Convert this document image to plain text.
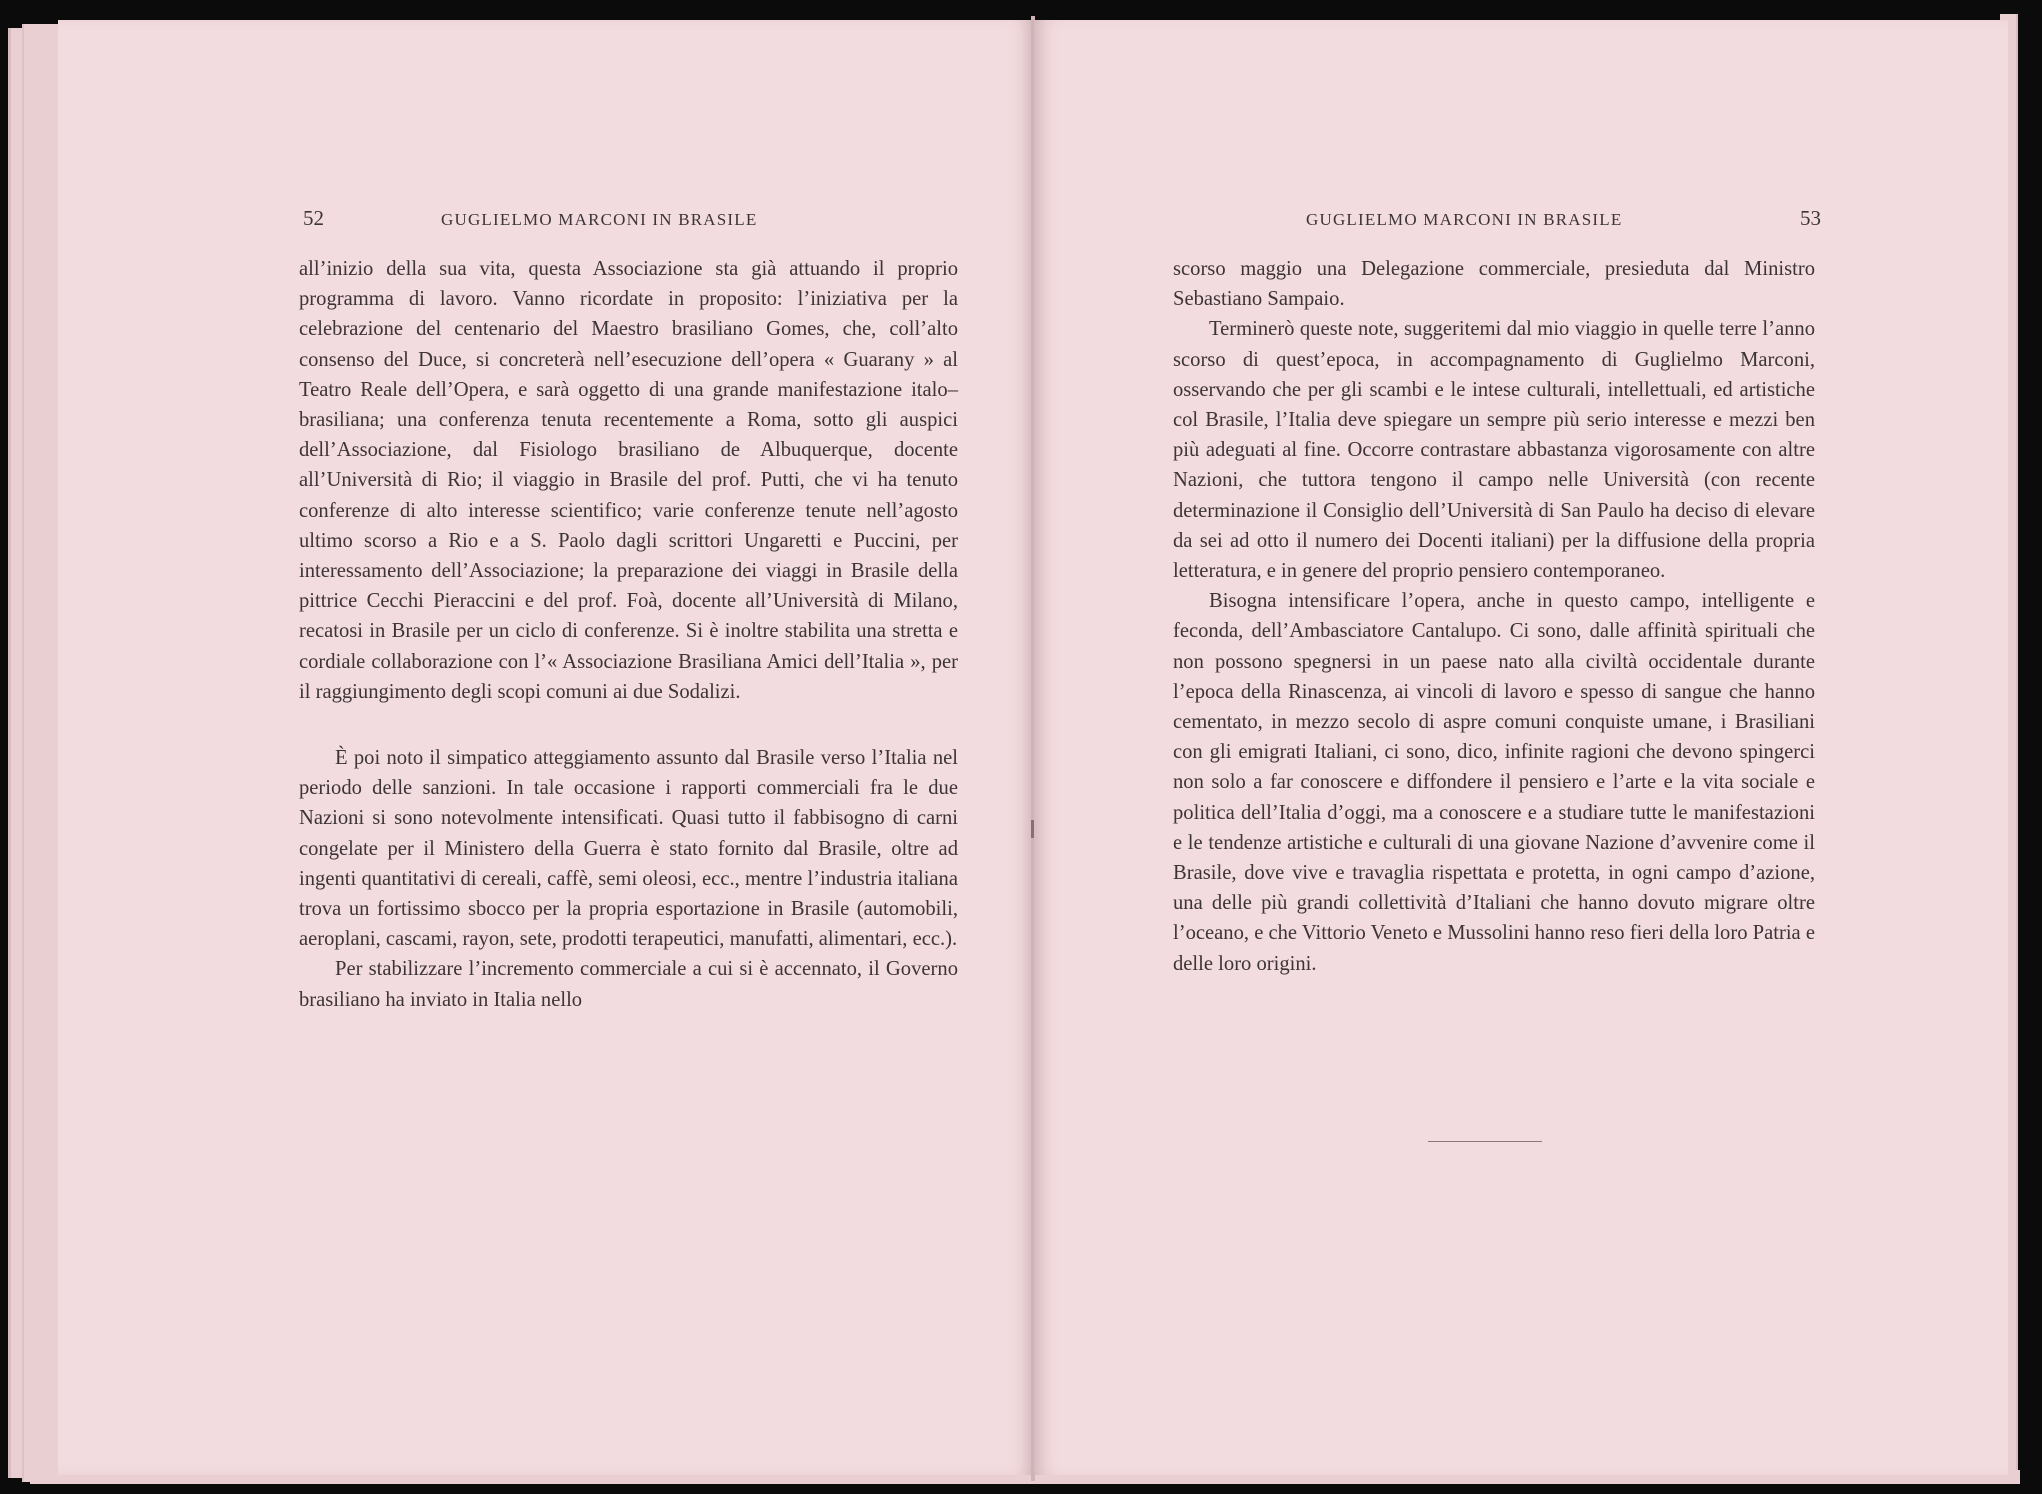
52	GUGLIELMO MARCONI IN BRASILE

all’inizio della sua vita, questa Associazione sta già attuando il proprio programma di lavoro. Vanno ricordate in proposito: l’iniziativa per la celebrazione del centenario del Maestro brasiliano Gomes, che, coll’alto consenso del Duce, si concreterà nell’esecuzione dell’opera « Guarany » al Teatro Reale dell’Opera, e sarà oggetto di una grande manifestazione italo–brasiliana; una conferenza tenuta recentemente a Roma, sotto gli auspici dell’Associazione, dal Fisiologo brasiliano de Albuquerque, docente all’Università di Rio; il viaggio in Brasile del prof. Putti, che vi ha tenuto conferenze di alto interesse scientifico; varie conferenze tenute nell’agosto ultimo scorso a Rio e a S. Paolo dagli scrittori Ungaretti e Puccini, per interessamento dell’Associazione; la preparazione dei viaggi in Brasile della pittrice Cecchi Pieraccini e del prof. Foà, docente all’Università di Milano, recatosi in Brasile per un ciclo di conferenze. Si è inoltre stabilita una stretta e cordiale collaborazione con l’« Associazione Brasiliana Amici dell’Italia », per il raggiungimento degli scopi comuni ai due Sodalizi.

È poi noto il simpatico atteggiamento assunto dal Brasile verso l’Italia nel periodo delle sanzioni. In tale occasione i rapporti commerciali fra le due Nazioni si sono notevolmente intensificati. Quasi tutto il fabbisogno di carni congelate per il Ministero della Guerra è stato fornito dal Brasile, oltre ad ingenti quantitativi di cereali, caffè, semi oleosi, ecc., mentre l’industria italiana trova un fortissimo sbocco per la propria esportazione in Brasile (automobili, aeroplani, cascami, rayon, sete, prodotti terapeutici, manufatti, alimentari, ecc.).

Per stabilizzare l’incremento commerciale a cui si è accennato, il Governo brasiliano ha inviato in Italia nello

GUGLIELMO MARCONI IN BRASILE	53

scorso maggio una Delegazione commerciale, presieduta dal Ministro Sebastiano Sampaio.

Terminerò queste note, suggeritemi dal mio viaggio in quelle terre l’anno scorso di quest’epoca, in accompagnamento di Guglielmo Marconi, osservando che per gli scambi e le intese culturali, intellettuali, ed artistiche col Brasile, l’Italia deve spiegare un sempre più serio interesse e mezzi ben più adeguati al fine. Occorre contrastare abbastanza vigorosamente con altre Nazioni, che tuttora tengono il campo nelle Università (con recente determinazione il Consiglio dell’Università di San Paulo ha deciso di elevare da sei ad otto il numero dei Docenti italiani) per la diffusione della propria letteratura, e in genere del proprio pensiero contemporaneo.

Bisogna intensificare l’opera, anche in questo campo, intelligente e feconda, dell’Ambasciatore Cantalupo. Ci sono, dalle affinità spirituali che non possono spegnersi in un paese nato alla civiltà occidentale durante l’epoca della Rinascenza, ai vincoli di lavoro e spesso di sangue che hanno cementato, in mezzo secolo di aspre comuni conquiste umane, i Brasiliani con gli emigrati Italiani, ci sono, dico, infinite ragioni che devono spingerci non solo a far conoscere e diffondere il pensiero e l’arte e la vita sociale e politica dell’Italia d’oggi, ma a conoscere e a studiare tutte le manifestazioni e le tendenze artistiche e culturali di una giovane Nazione d’avvenire come il Brasile, dove vive e travaglia rispettata e protetta, in ogni campo d’azione, una delle più grandi collettività d’Italiani che hanno dovuto migrare oltre l’oceano, e che Vittorio Veneto e Mussolini hanno reso fieri della loro Patria e delle loro origini.
